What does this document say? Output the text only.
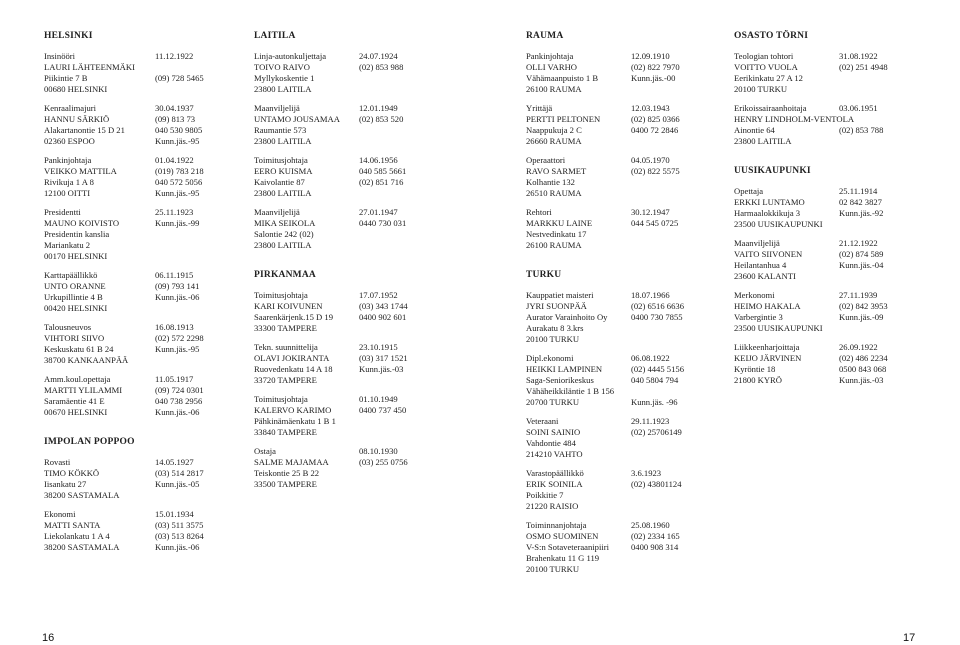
HELSINKI
Insinööri	11.12.1922
LAURI LÄHTEENMÄKI
Piikintie 7 B	(09) 728 5465
00680 HELSINKI
Kenraalimajuri	30.04.1937
HANNU SÄRKIÖ	(09) 813 73
Alakartanontie 15 D 21	040 530 9805
02360 ESPOO	Kunn.jäs.-95
Pankinjohtaja	01.04.1922
VEIKKO MATTILA	(019) 783 218
Rivikuja 1 A 8	040 572 5056
12100 OITTI	Kunn.jäs.-95
Presidentti	25.11.1923
MAUNO KOIVISTO	Kunn.jäs.-99
Presidentin kanslia
Mariankatu 2
00170 HELSINKI
Karttapäällikkö	06.11.1915
UNTO ORANNE	(09) 793 141
Urkupillintie 4 B	Kunn.jäs.-06
00420 HELSINKI
Talousneuvos	16.08.1913
VIHTORI SIIVO	(02) 572 2298
Keskuskatu 61 B 24	Kunn.jäs.-95
38700 KANKAANPÄÄ
Amm.koul.opettaja	11.05.1917
MARTTI YLILAMMI	(09) 724 0301
Saramäentie 41 E	040 738 2956
00670 HELSINKI	Kunn.jäs.-06
IMPOLAN POPPOO
Rovasti	14.05.1927
TIMO KÖKKÖ	(03) 514 2817
Iisankatu 27	Kunn.jäs.-05
38200 SASTAMALA
Ekonomi	15.01.1934
MATTI SANTA	(03) 511 3575
Liekolankatu 1 A 4	(03) 513 8264
38200 SASTAMALA	Kunn.jäs.-06
LAITILA
Linja-autonkuljettaja	24.07.1924
TOIVO RAIVO	(02) 853 988
Myllykoskentie 1
23800 LAITILA
Maanviljelijä	12.01.1949
UNTAMO JOUSAMAA (02) 853 520
Raumantie 573
23800 LAITILA
Toimitusjohtaja	14.06.1956
EERO KUISMA	040 585 5661
Kaivolantie 87	(02) 851 716
23800 LAITILA
Maanviljelijä	27.01.1947
MIKA SEIKOLA	0440 730 031
Salontie 242 (02)
23800 LAITILA
PIRKANMAA
Toimitusjohtaja	17.07.1952
KARI KOIVUNEN	(03) 343 1744
Saarenkärjenk.15 D 19	0400 902 601
33300 TAMPERE
Tekn. suunnittelija	23.10.1915
OLAVI JOKIRANTA	(03) 317 1521
Ruovedenkatu 14 A 18	Kunn.jäs.-03
33720 TAMPERE
Toimitusjohtaja	01.10.1949
KALERVO KARIMO	0400 737 450
Pähkinämäenkatu 1 B 1
33840 TAMPERE
Ostaja	08.10.1930
SALME MAJAMAA	(03) 255 0756
Teiskontie 25 B 22
33500 TAMPERE
RAUMA
Pankinjohtaja	12.09.1910
OLLI VARHO	(02) 822 7970
Vähämaanpuisto 1 B	Kunn.jäs.-00
26100 RAUMA
Yrittäjä	12.03.1943
PERTTI PELTONEN	(02) 825 0366
Naappukuja 2 C	0400 72 2846
26660 RAUMA
Operaattori	04.05.1970
RAVO SARMET	(02) 822 5575
Kolhantie 132
26510 RAUMA
Rehtori	30.12.1947
MARKKU LAINE	044 545 0725
Nestvedinkatu 17
26100 RAUMA
TURKU
Kauppatiet maisteri	18.07.1966
JYRI SUONPÄÄ	(02) 6516 6636
Aurator Varainhoito Oy	0400 730 7855
Aurakatu 8 3.krs
20100 TURKU
Dipl.ekonomi	06.08.1922
HEIKKI LAMPINEN	(02) 4445 5156
Saga-Seniorikeskus	040 5804 794
Vähäheikkiläntie 1 B 156
20700 TURKU	Kunn.jäs. -96
Veteraani	29.11.1923
SOINI SAINIO	(02) 25706149
Vahdontie 484
214210 VAHTO
Varastopäällikkö	3.6.1923
ERIK SOINILA	(02) 43801124
Poikkitie 7
21220 RAISIO
Toiminnanjohtaja	25.08.1960
OSMO SUOMINEN	(02) 2334 165
V-S:n Sotaveteraanipiiri	0400 908 314
Brahenkatu 11 G 119
20100 TURKU
OSASTO TÖRNI
Teologian tohtori	31.08.1922
VOITTO VUOLA	(02) 251 4948
Eerikinkatu 27 A 12
20100 TURKU
Erikoissairaanhoitaja	03.06.1951
HENRY LINDHOLM-VENTOLA
Ainontie 64	(02) 853 788
23800 LAITILA
UUSIKAUPUNKI
Opettaja	25.11.1914
ERKKI LUNTAMO	02 842 3827
Harmaalokkikuja 3	Kunn.jäs.-92
23500 UUSIKAUPUNKI
Maanviljelijä	21.12.1922
VAITO SIIVONEN	(02) 874 589
Heilantanhua 4	Kunn.jäs.-04
23600 KALANTI
Merkonomi	27.11.1939
HEIMO HAKALA	(02) 842 3953
Varbergintie 3	Kunn.jäs.-09
23500 UUSIKAUPUNKI
Liikkeenharjoittaja	26.09.1922
KEIJO JÄRVINEN	(02) 486 2234
Kyröntie 18	0500 843 068
21800 KYRÖ	Kunn.jäs.-03
16	17
